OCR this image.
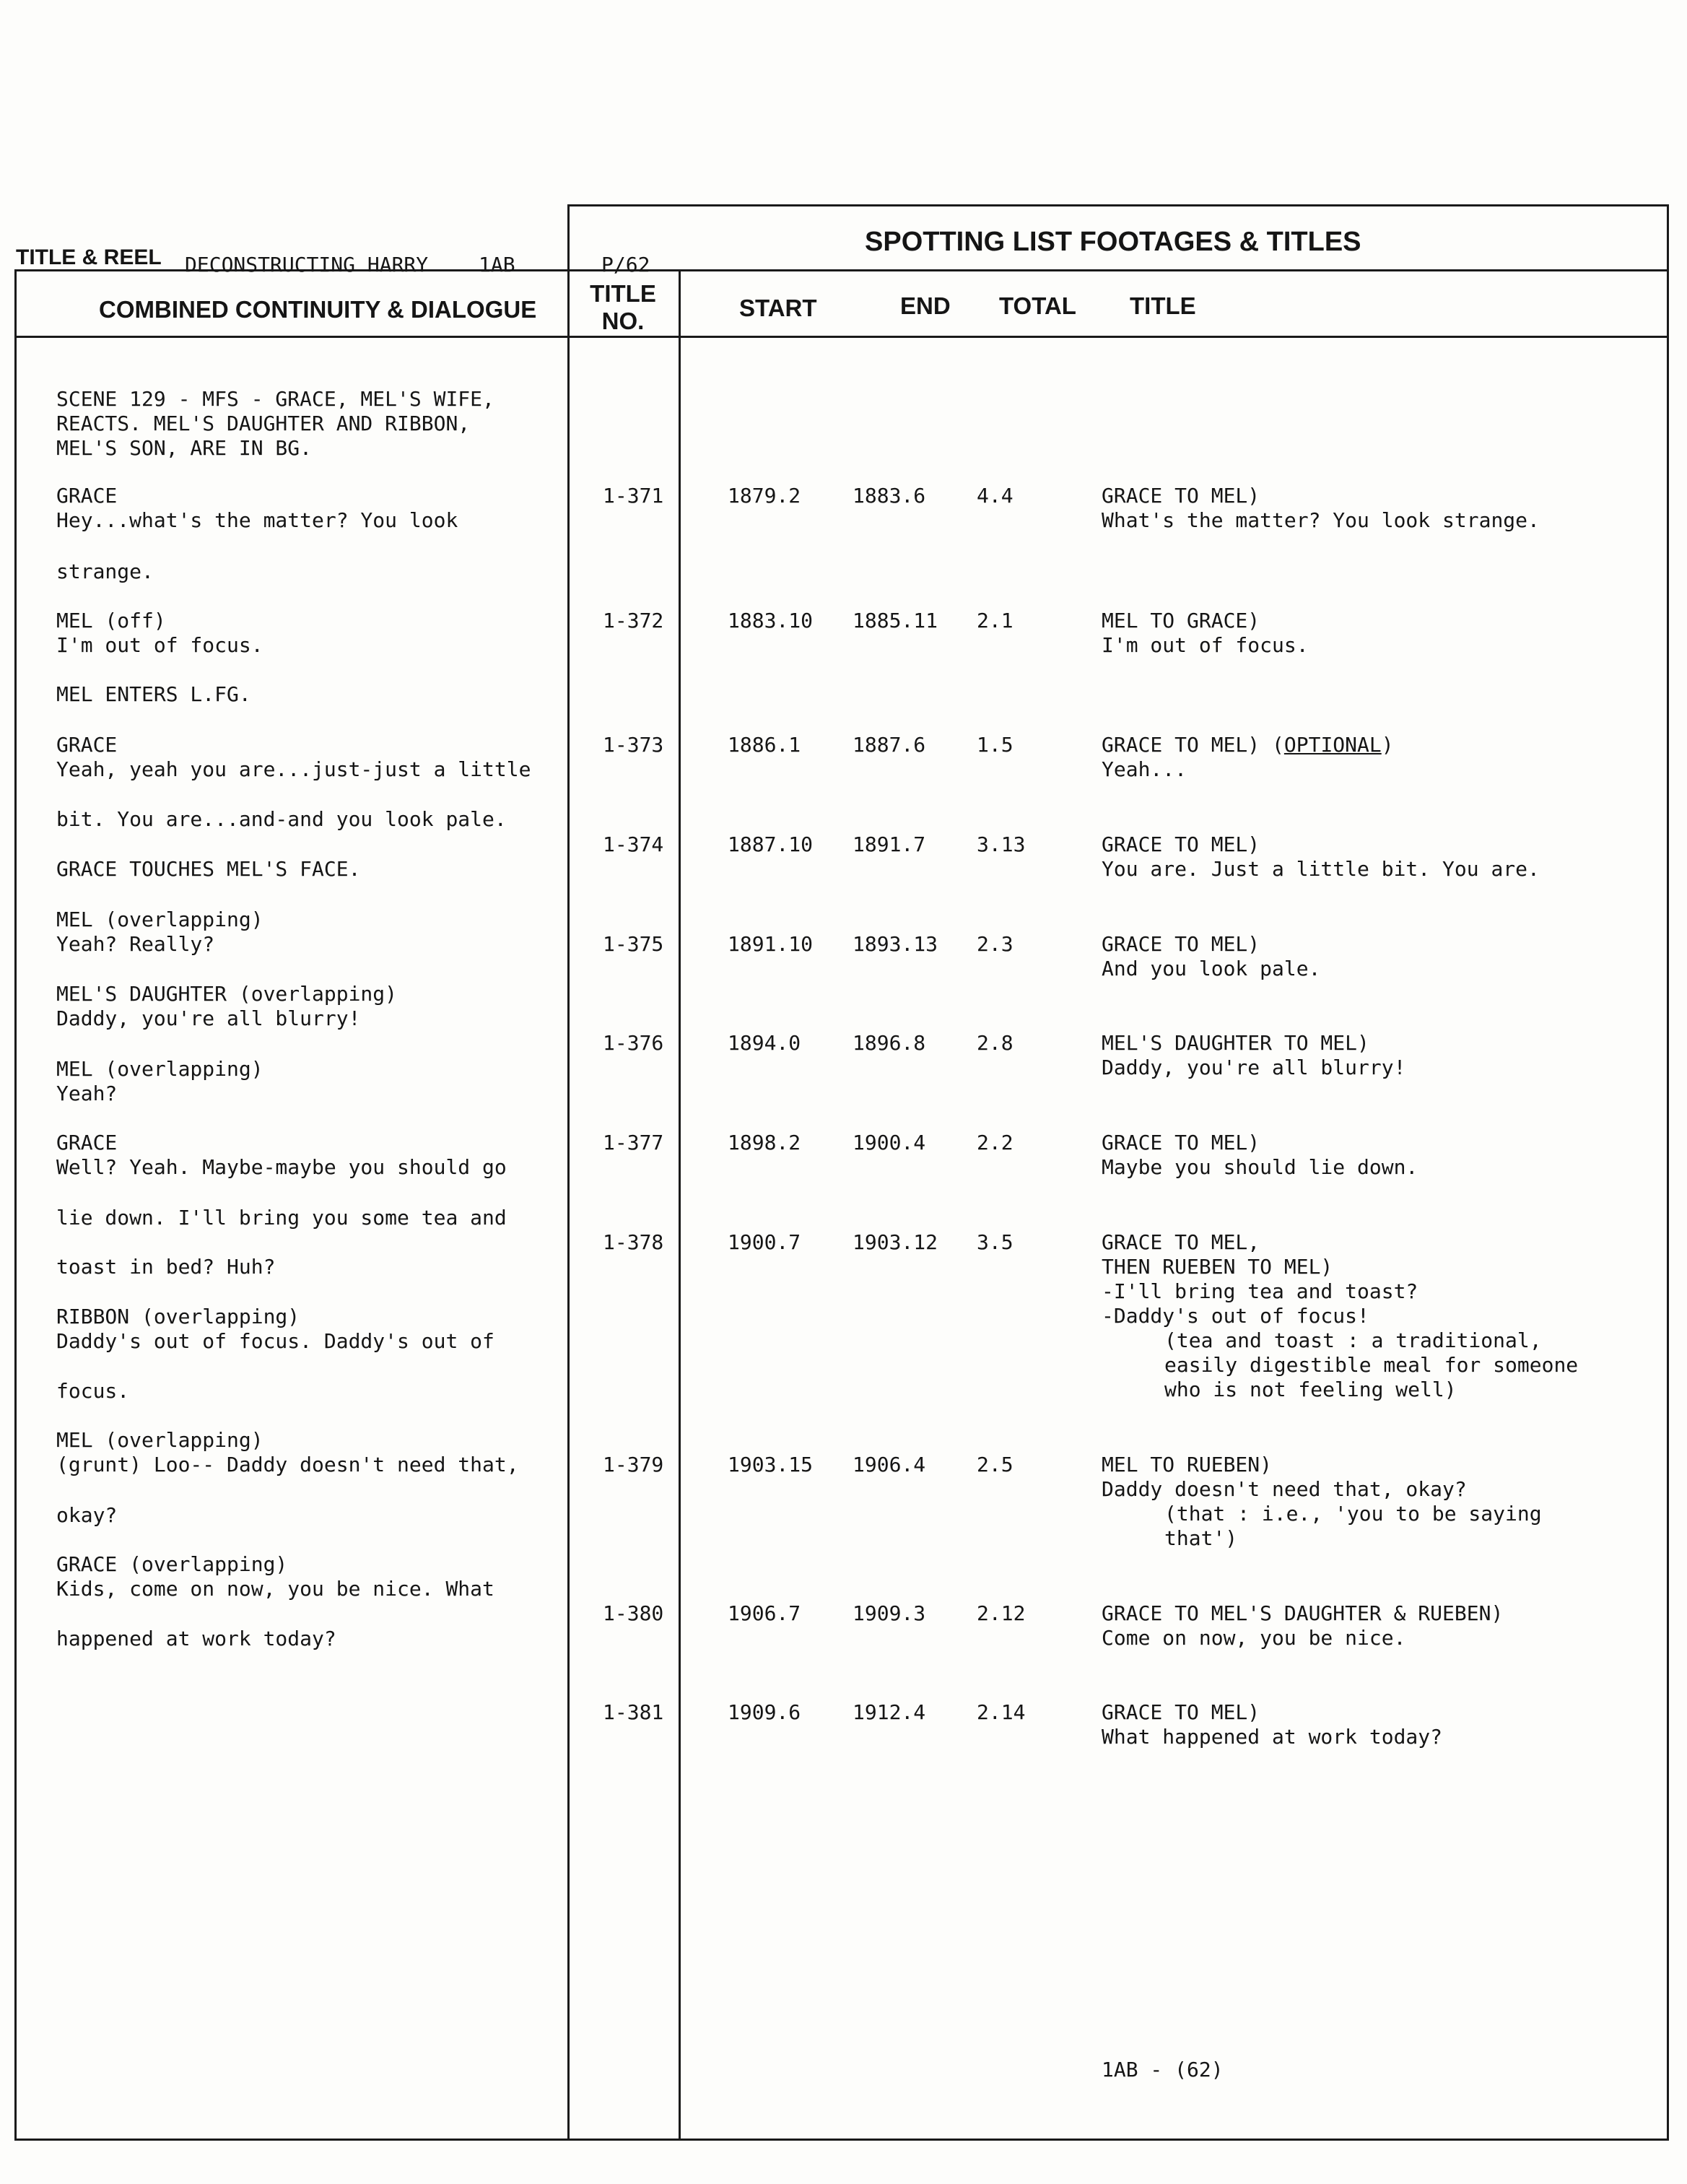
TITLE & REEL DECONSTRUCTING HARRY 1AB	P/62
SPOTTING LIST FOOTAGES & TITLES
COMBINED CONTINUITY & DIALOGUE
TITLE
NO.	START	END TOTAL TITLE
SCENE 129 - MFS - GRACE, MEL'S WIFE,
REACTS. MEL'S DAUGHTER AND RIBBON,
MEL'S SON, ARE IN BG.
GRACE
Hey...what's the matter? You look
strange.
MEL (off)
I'm out of focus.
MEL ENTERS L.FG.
GRACE
Yeah, yeah you are...just-just a little
bit. You are...and-and you look pale.
GRACE TOUCHES MEL'S FACE.
MEL (overlapping)
Yeah? Really?
MEL'S DAUGHTER (overlapping)
Daddy, you're all blurry!
MEL (overlapping)
Yeah?
GRACE
Well? Yeah. Maybe-maybe you should go
lie down. I'll bring you some tea and
toast in bed? Huh?
RIBBON (overlapping)
Daddy's out of focus. Daddy's out of
focus.
MEL (overlapping)
(grunt) Loo-- Daddy doesn't need that,
okay?
GRACE (overlapping)
Kids, come on now, you be nice. What
happened at work today?
1-371	1879.2	1883.6	4.4	GRACE TO MEL)
What's the matter? You look strange.
1-372	1883.10 1885.11 2.1	MEL TO GRACE)
I'm out of focus.
1-373	1886.1	1887.6	1.5	GRACE TO MEL) (OPTIONAL)
Yeah...
1-374	1887.10 1891.7	3.13	GRACE TO MEL)
You are. Just a little bit. You are.
1-375	1891.10 1893.13 2.3	GRACE TO MEL)
And you look pale.
1-376	1894.0	1896.8	2.8	MEL'S DAUGHTER TO MEL)
Daddy, you're all blurry!
1-377	1898.2	1900.4	2.2	GRACE TO MEL)
Maybe you should lie down.
1-378	1900.7	1903.12 3.5	GRACE TO MEL,
THEN RUEBEN TO MEL)
-I'll bring tea and toast?
-Daddy's out of focus!
(tea and toast : a traditional,
easily digestible meal for someone
who is not feeling well)
1-379	1903.15 1906.4	2.5	MEL TO RUEBEN)
Daddy doesn't need that, okay?
(that : i.e., 'you to be saying
that')
1-380	1906.7	1909.3	2.12	GRACE TO MEL'S DAUGHTER & RUEBEN)
Come on now, you be nice.
1-381	1909.6	1912.4	2.14	GRACE TO MEL)
What happened at work today?
1AB - (62)
